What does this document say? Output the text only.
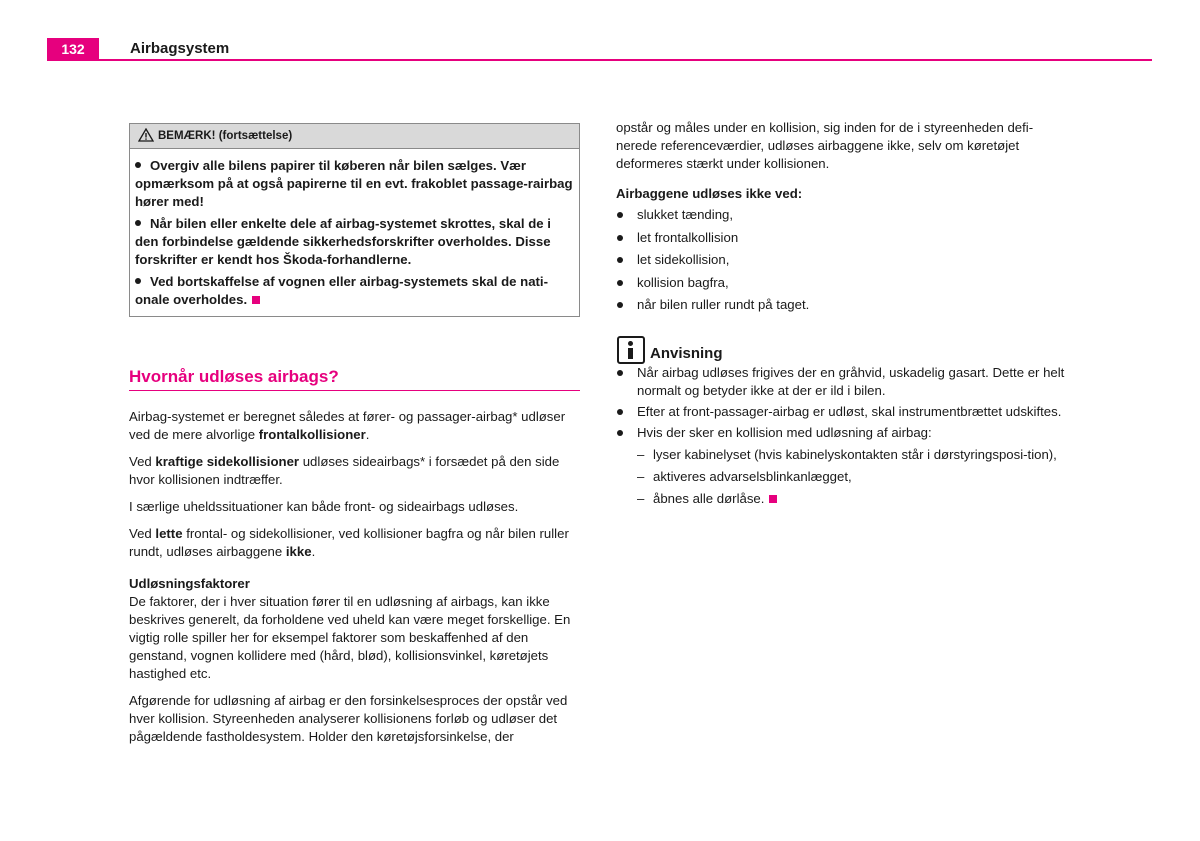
132	Airbagsystem
BEMÆRK! (fortsættelse)
Overgiv alle bilens papirer til køberen når bilen sælges. Vær opmærksom på at også papirerne til en evt. frakoblet passage-rairbag hører med!
Når bilen eller enkelte dele af airbag-systemet skrottes, skal de i den forbindelse gældende sikkerhedsforskrifter overholdes. Disse forskrifter er kendt hos Škoda-forhandlerne.
Ved bortskaffelse af vognen eller airbag-systemets skal de nati-onale overholdes.
Hvornår udløses airbags?

Airbag-systemet er beregnet således at fører- og passager-airbag* udløser ved de mere alvorlige frontalkollisioner.

Ved kraftige sidekollisioner udløses sideairbags* i forsædet på den side hvor kollisionen indtræffer.

I særlige uheldssituationer kan både front- og sideairbags udløses.

Ved lette frontal- og sidekollisioner, ved kollisioner bagfra og når bilen ruller rundt, udløses airbaggene ikke.

Udløsningsfaktorer

De faktorer, der i hver situation fører til en udløsning af airbags, kan ikke beskrives generelt, da forholdene ved uheld kan være meget forskellige. En vigtig rolle spiller her for eksempel faktorer som beskaffenhed af den genstand, vognen kollidere med (hård, blød), kollisionsvinkel, køretøjets hastighed etc.

Afgørende for udløsning af airbag er den forsinkelsesproces der opstår ved hver kollision. Styreenheden analyserer kollisionens forløb og udløser det pågældende fastholdesystem. Holder den køretøjsforsinkelse, der

opstår og måles under en kollision, sig inden for de i styreenheden defi-nerede referenceværdier, udløses airbaggene ikke, selv om køretøjet deformeres stærkt under kollisionen.

Airbaggene udløses ikke ved:

slukket tænding,
let frontalkollision
let sidekollision,
kollision bagfra,
når bilen ruller rundt på taget.
Anvisning
Når airbag udløses frigives der en gråhvid, uskadelig gasart. Dette er helt normalt og betyder ikke at der er ild i bilen.
Efter at front-passager-airbag er udløst, skal instrumentbrættet udskiftes.
Hvis der sker en kollision med udløsning af airbag:
– lyser kabinelyset (hvis kabinelyskontakten står i dørstyringsposi-tion),
– aktiveres advarselsblinkanlægget,
– åbnes alle dørlåse.
